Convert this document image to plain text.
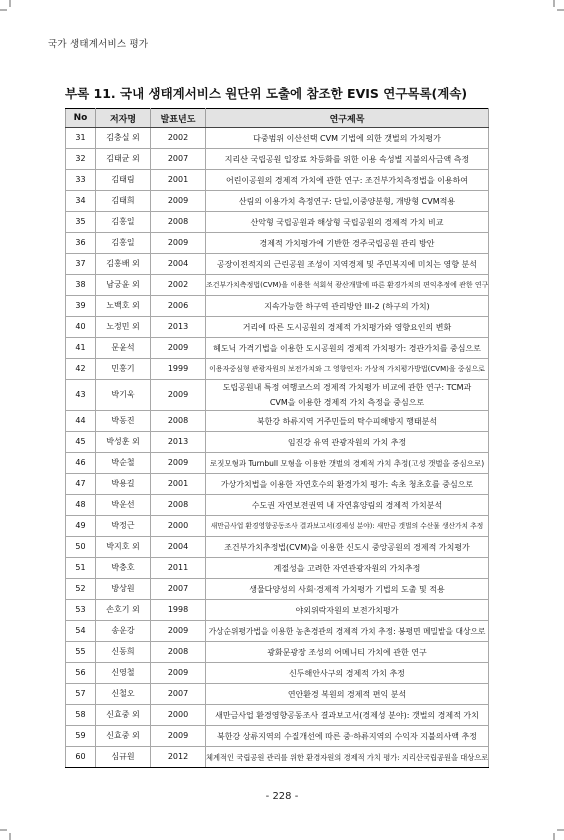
국가 생태계서비스 평가
부록 11. 국내 생태계서비스 원단위 도출에 참조한 EVIS 연구목록(계속)
No	저자명	발표년도	연구제목

31	김충실 외	2002	다중범위 이산선택 CVM 기법에 의한 갯벌의 가치평가

32	김태균 외	2007	지리산 국립공원 입장료 차등화를 위한 이용 속성별 지불의사금액 측정

33	김태림	2001	어린이공원의 경제적 가치에 관한 연구: 조건부가치측정법을 이용하여

34	김태희	2009	산림의 이용가치 측정연구: 단일,이중양분형, 개방형 CVM적용

35	김홍일	2008	산악형 국립공원과 해상형 국립공원의 경제적 가치 비교

36	김홍일	2009	경제적 가치평가에 기반한 경주국립공원 관리 방안

37	김홍배 외	2004	공장이전적지의 근린공원 조성이 지역경제 및 주민복지에 미치는 영향 분석

38	남궁윤 외	2002	조건부가치측정법(CVM)을 이용한 석회석 광산개발에 따른 환경가치의 편익추정에 관한 연구

39	노백호 외	2006	지속가능한 하구역 관리방안 III-2 (하구의 가치)

40	노정민 외	2013	거리에 따른 도시공원의 경제적 가치평가와 영향요인의 변화

41	문윤석	2009	헤도닉 가격기법을 이용한 도시공원의 경제적 가치평가: 경관가치를 중심으로

42	민홍기	1999	이용자중심형 관광자원의 보전가치와 그 영향인자: 가상적 가치평가방법(CVM)을 중심으로

43	박기욱	2009	도립공원내 특정 여행코스의 경제적 가치평가 비교에 관한 연구: TCM과
CVM을 이용한 경제적 가치 측정을 중심으로

44	박동진	2008	북한강 하류지역 거주민들의 탁수피해방지 행태분석

45	박성훈 외	2013	임진강 유역 관광자원의 가치 추정

46	박순철	2009	로짓모형과 Turnbull 모형을 이용한 갯벌의 경제적 가치 추정(고성 갯벌을 중심으로)

47	박용길	2001	가상가치법을 이용한 자연호수의 환경가치 평가: 속초 청초호를 중심으로

48	박운선	2008	수도권 자연보전권역 내 자연휴양림의 경제적 가치분석

49	박정근	2000	새만금사업 환경영향공동조사 결과보고서(경제성 분야): 새만금 갯벌의 수산물 생산가치 추정

50	박지호 외	2004	조건부가치추정법(CVM)을 이용한 신도시 중앙공원의 경제적 가치평가

51	박충호	2011	계절성을 고려한 자연관광자원의 가치추정

52	방상원	2007	생물다양성의 사회·경제적 가치평가 기법의 도출 및 적용

53	손호기 외	1998	야외위락자원의 보전가치평가

54	송운강	2009	가상순위평가법을 이용한 농촌경관의 경제적 가치 추정: 봉평면 메밀밭을 대상으로

55	신동희	2008	광화문광장 조성의 어메니티 가치에 관한 연구

56	신영철	2009	신두해안사구의 경제적 가치 추정

57	신철오	2007	연안환경 복원의 경제적 편익 분석

58	신효중 외	2000	새만금사업 환경영향공동조사 결과보고서(경제성 분야): 갯벌의 경제적 가치

59	신효중 외	2009	북한강 상류지역의 수질개선에 따른 중·하류지역의 수익자 지불의사액 추정

60	심규원	2012	체계적인 국립공원 관리를 위한 환경자원의 경제적 가치 평가: 지리산국립공원을 대상으로
- 228 -
